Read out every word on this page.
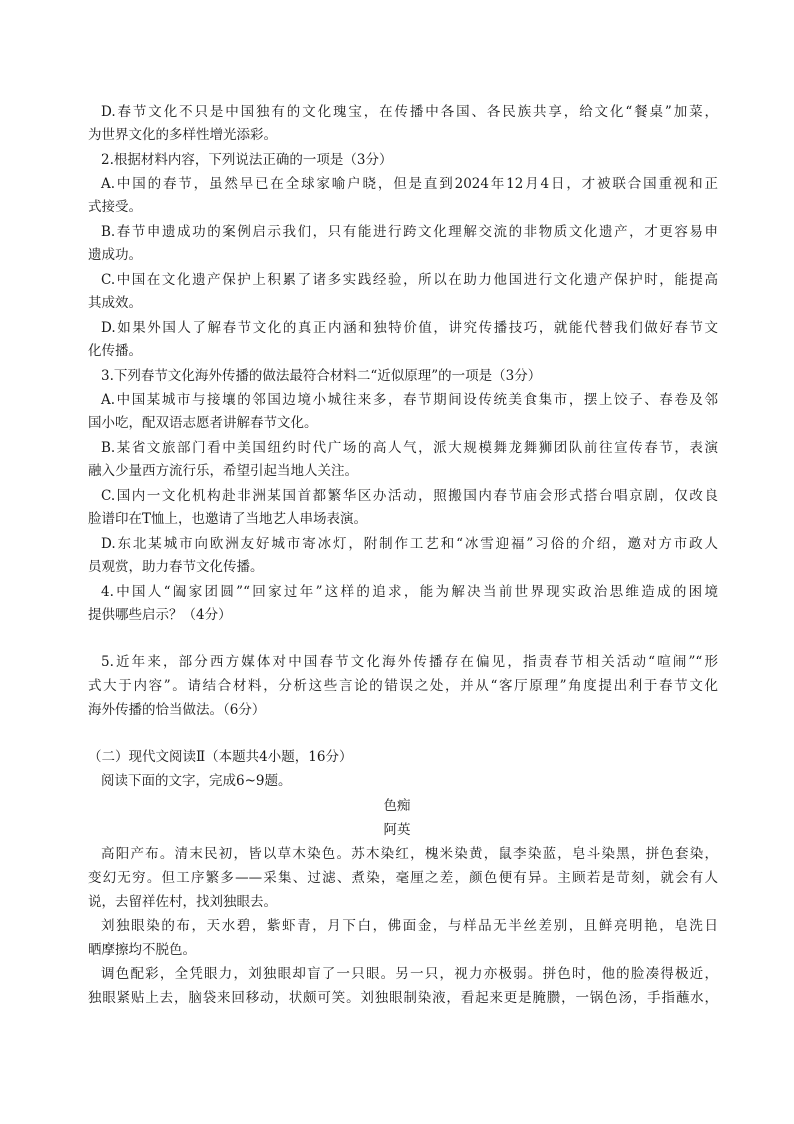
D.春节文化不只是中国独有的文化瑰宝，在传播中各国、各民族共享，给文化“餐桌”加菜，
为世界文化的多样性增光添彩。
2.根据材料内容，下列说法正确的一项是（3分）
A.中国的春节，虽然早已在全球家喻户晓，但是直到2024年12月4日，才被联合国重视和正
式接受。
B.春节申遗成功的案例启示我们，只有能进行跨文化理解交流的非物质文化遗产，才更容易申
遗成功。
C.中国在文化遗产保护上积累了诸多实践经验，所以在助力他国进行文化遗产保护时，能提高
其成效。
D.如果外国人了解春节文化的真正内涵和独特价值，讲究传播技巧，就能代替我们做好春节文
化传播。
3.下列春节文化海外传播的做法最符合材料二“近似原理”的一项是（3分）
A.中国某城市与接壤的邻国边境小城往来多，春节期间设传统美食集市，摆上饺子、春卷及邻
国小吃，配双语志愿者讲解春节文化。
B.某省文旅部门看中美国纽约时代广场的高人气，派大规模舞龙舞狮团队前往宣传春节，表演
融入少量西方流行乐，希望引起当地人关注。
C.国内一文化机构赴非洲某国首都繁华区办活动，照搬国内春节庙会形式搭台唱京剧，仅改良
脸谱印在T恤上，也邀请了当地艺人串场表演。
D.东北某城市向欧洲友好城市寄冰灯，附制作工艺和“冰雪迎福”习俗的介绍，邀对方市政人
员观赏，助力春节文化传播。
4.中国人“阖家团圆”“回家过年”这样的追求，能为解决当前世界现实政治思维造成的困境
提供哪些启示？（4分）
5.近年来，部分西方媒体对中国春节文化海外传播存在偏见，指责春节相关活动“喧闹”“形
式大于内容”。请结合材料，分析这些言论的错误之处，并从“客厅原理”角度提出利于春节文化
海外传播的恰当做法。（6分）
（二）现代文阅读Ⅱ（本题共4小题，16分）
阅读下面的文字，完成6~9题。
色痴
阿英
高阳产布。清末民初，皆以草木染色。苏木染红，槐米染黄，鼠李染蓝，皂斗染黑，拼色套染，
变幻无穷。但工序繁多——采集、过滤、煮染，毫厘之差，颜色便有异。主顾若是苛刻，就会有人
说，去留祥佐村，找刘独眼去。
刘独眼染的布，天水碧，紫虾青，月下白，佛面金，与样品无半丝差别，且鲜亮明艳，皂洗日
晒摩擦均不脱色。
调色配彩，全凭眼力，刘独眼却盲了一只眼。另一只，视力亦极弱。拼色时，他的脸凑得极近，
独眼紧贴上去，脑袋来回移动，状颇可笑。刘独眼制染液，看起来更是腌臜，一锅色汤，手指蘸水，
